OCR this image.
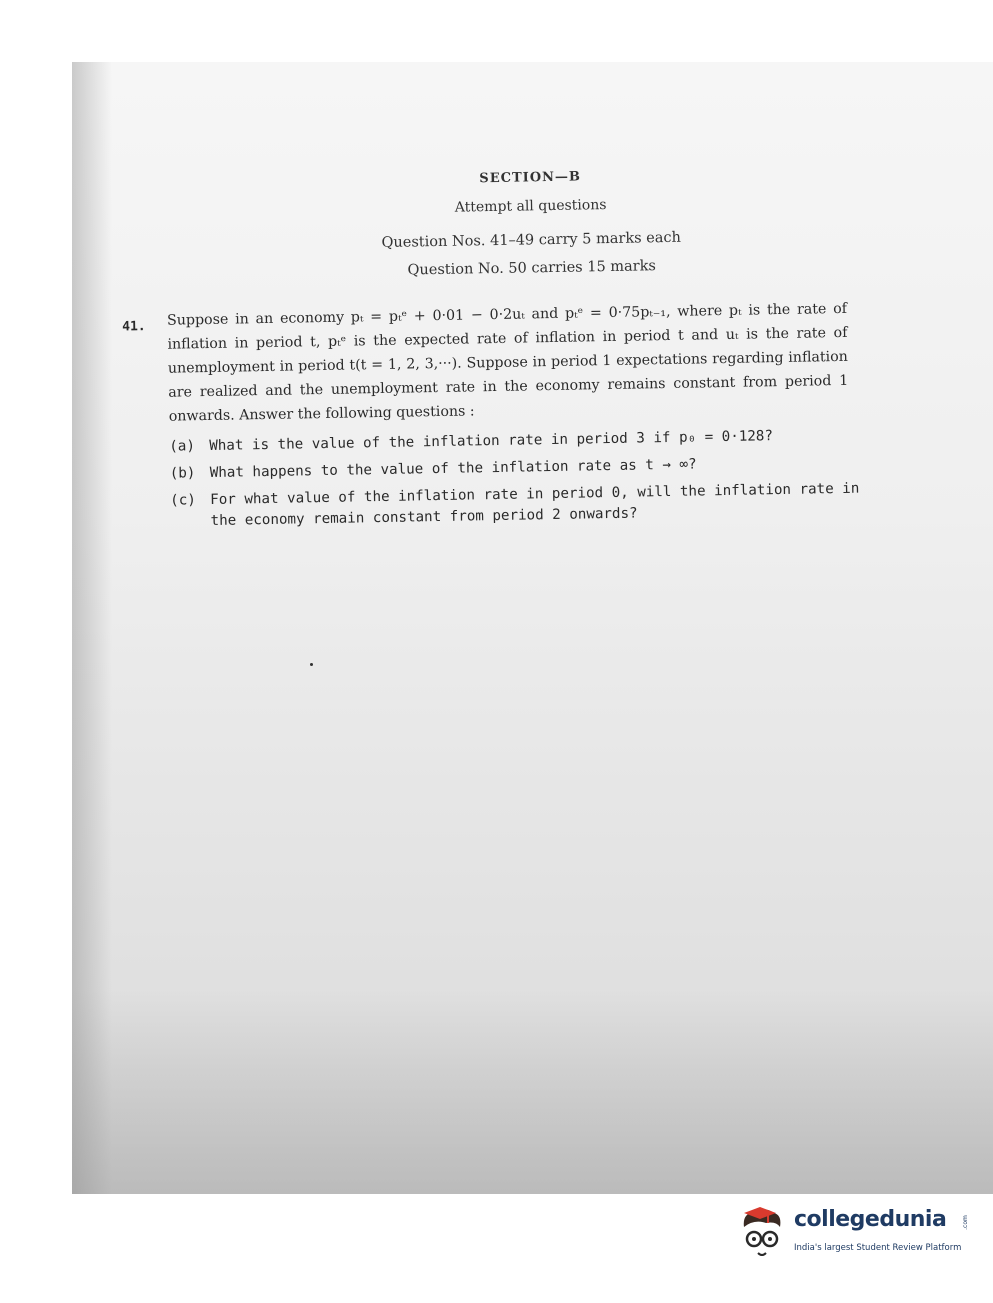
SECTION—B
Attempt all questions
Question Nos. 41–49 carry 5 marks each
Question No. 50 carries 15 marks
41. Suppose in an economy pₜ = pₜᵉ + 0·01 − 0·2uₜ and pₜᵉ = 0·75pₜ₋₁, where pₜ is the rate of inflation in period t, pₜᵉ is the expected rate of inflation in period t and uₜ is the rate of unemployment in period t(t = 1, 2, 3,···). Suppose in period 1 expectations regarding inflation are realized and the unemployment rate in the economy remains constant from period 1 onwards. Answer the following questions :
(a) What is the value of the inflation rate in period 3 if p₀ = 0·128?
(b) What happens to the value of the inflation rate as t → ∞?
(c) For what value of the inflation rate in period 0, will the inflation rate in the economy remain constant from period 2 onwards?
collegedunia	.com
India's largest Student Review Platform
